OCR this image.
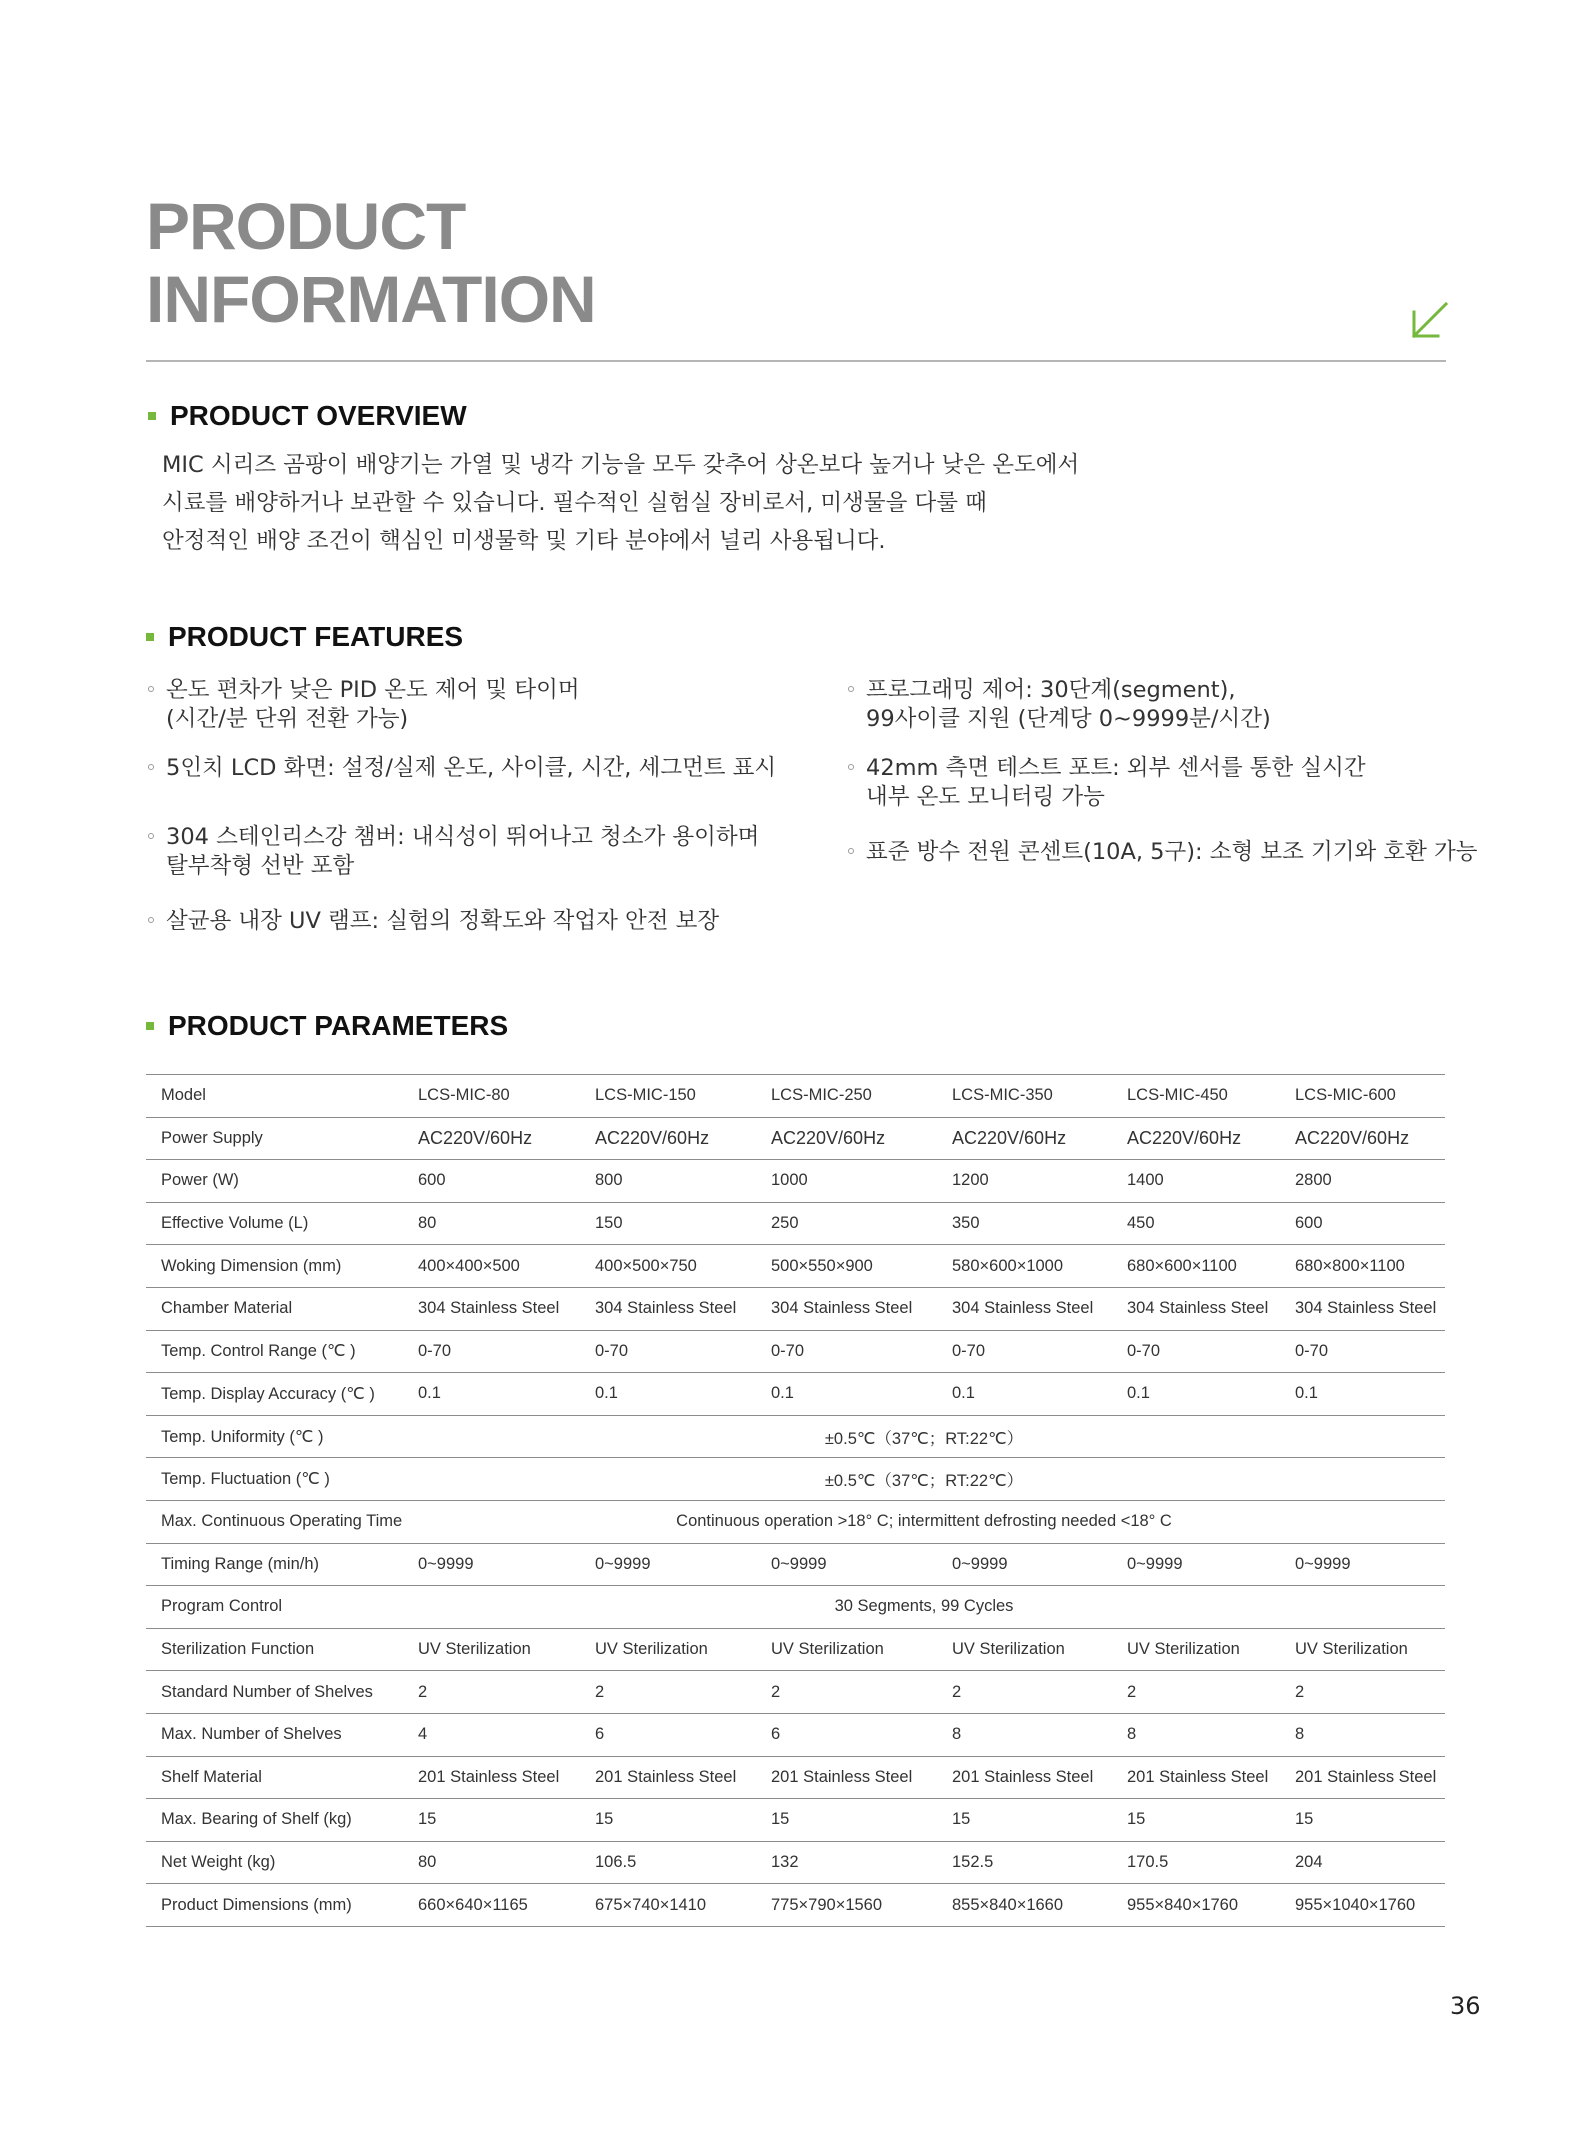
PRODUCT
INFORMATION
PRODUCT OVERVIEW

MIC 시리즈 곰팡이 배양기는 가열 및 냉각 기능을 모두 갖추어 상온보다 높거나 낮은 온도에서

시료를 배양하거나 보관할 수 있습니다. 필수적인 실험실 장비로서, 미생물을 다룰 때

안정적인 배양 조건이 핵심인 미생물학 및 기타 분야에서 널리 사용됩니다.

PRODUCT FEATURES
온도 편차가 낮은 PID 온도 제어 및 타이머
(시간/분 단위 전환 가능)
5인치 LCD 화면: 설정/실제 온도, 사이클, 시간, 세그먼트 표시
304 스테인리스강 챔버: 내식성이 뛰어나고 청소가 용이하며
탈부착형 선반 포함
살균용 내장 UV 램프: 실험의 정확도와 작업자 안전 보장
프로그래밍 제어: 30단계(segment),
99사이클 지원 (단계당 0~9999분/시간)
42mm 측면 테스트 포트: 외부 센서를 통한 실시간
내부 온도 모니터링 가능
표준 방수 전원 콘센트(10A, 5구): 소형 보조 기기와 호환 가능
PRODUCT PARAMETERS
Model	LCS-MIC-80	LCS-MIC-150	LCS-MIC-250	LCS-MIC-350	LCS-MIC-450	LCS-MIC-600
Power Supply	AC220V/60Hz	AC220V/60Hz	AC220V/60Hz	AC220V/60Hz	AC220V/60Hz	AC220V/60Hz
Power (W)	600	800	1000	1200	1400	2800
Effective Volume (L)	80	150	250	350	450	600
Woking Dimension (mm)	400×400×500	400×500×750	500×550×900	580×600×1000	680×600×1100	680×800×1100
Chamber Material	304 Stainless Steel	304 Stainless Steel	304 Stainless Steel	304 Stainless Steel	304 Stainless Steel	304 Stainless Steel
Temp. Control Range (℃ )	0-70	0-70	0-70	0-70	0-70	0-70
Temp. Display Accuracy (℃ )	0.1	0.1	0.1	0.1	0.1	0.1
Temp. Uniformity (℃ )	±0.5℃（37℃；RT:22℃）					
Temp. Fluctuation (℃ )	±0.5℃（37℃；RT:22℃）					
Max. Continuous Operating Time	Continuous operation >18° C; intermittent defrosting needed <18° C					
Timing Range (min/h)	0~9999	0~9999	0~9999	0~9999	0~9999	0~9999
Program Control	30 Segments, 99 Cycles					
Sterilization Function	UV Sterilization	UV Sterilization	UV Sterilization	UV Sterilization	UV Sterilization	UV Sterilization
Standard Number of Shelves	2	2	2	2	2	2
Max. Number of Shelves	4	6	6	8	8	8
Shelf Material	201 Stainless Steel	201 Stainless Steel	201 Stainless Steel	201 Stainless Steel	201 Stainless Steel	201 Stainless Steel
Max. Bearing of Shelf (kg)	15	15	15	15	15	15
Net Weight (kg)	80	106.5	132	152.5	170.5	204
Product Dimensions (mm)	660×640×1165	675×740×1410	775×790×1560	855×840×1660	955×840×1760	955×1040×1760
36
